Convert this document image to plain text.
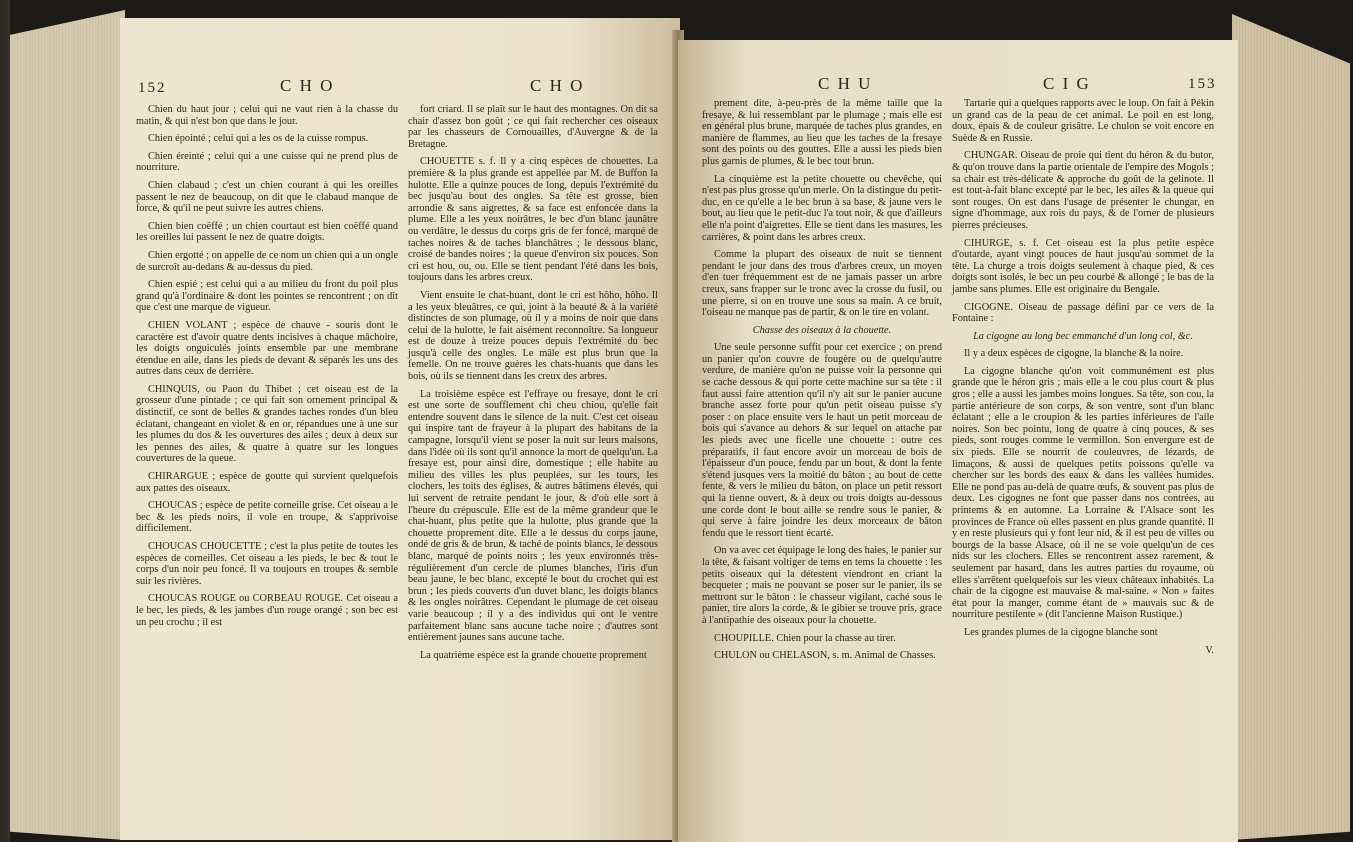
152	C H O	C H O

Chien du haut jour ; celui qui ne vaut rien à la chasse du matin, & qui n'est bon que dans le jour.

Chien épointé ; celui qui a les os de la cuisse rompus.

Chien éreinté ; celui qui a une cuisse qui ne prend plus de nourriture.

Chien clabaud ; c'est un chien courant à qui les oreilles passent le nez de beaucoup, on dit que le clabaud manque de force, & qu'il ne peut suivre les autres chiens.

Chien bien coëffé ; un chien courtaut est bien coëffé quand les oreilles lui passent le nez de quatre doigts.

Chien ergotté ; on appelle de ce nom un chien qui a un ongle de surcroît au-dedans & au-dessus du pied.

Chien espié ; est celui qui a au milieu du front du poil plus grand qu'à l'ordinaire & dont les pointes se rencontrent ; on dit que c'est une marque de vigueur.

CHIEN VOLANT ; espèce de chauve - souris dont le caractère est d'avoir quatre dents incisives à chaque mâchoire, les doigts onguiculés joints ensemble par une membrane étendue en aile, dans les pieds de devant & séparés les uns des autres dans ceux de derrière.

CHINQUIS, ou Paon du Thibet ; cet oiseau est de la grosseur d'une pintade ; ce qui fait son ornement principal & distinctif, ce sont de belles & grandes taches rondes d'un bleu éclatant, changeant en violet & en or, répandues une à une sur les plumes du dos & les ouvertures des ailes ; deux à deux sur les pennes des ailes, & quatre à quatre sur les longues couvertures de la queue.

CHIRARGUE ; espèce de goutte qui survient quelquefois aux pattes des oiseaux.

CHOUCAS ; espèce de petite corneille grise. Cet oiseau a le bec & les pieds noirs, il vole en troupe, & s'apprivoise difficilement.

CHOUCAS CHOUCETTE ; c'est la plus petite de toutes les espèces de corneilles. Cet oiseau a les pieds, le bec & tout le corps d'un noir peu foncé. Il va toujours en troupes & semble suir les rivières.

CHOUCAS ROUGE ou CORBEAU ROUGE. Cet oiseau a le bec, les pieds, & les jambes d'un rouge orangé ; son bec est un peu crochu ; il est

fort criard. Il se plaît sur le haut des montagnes. On dit sa chair d'assez bon goût ; ce qui fait rechercher ces oiseaux par les chasseurs de Cornouailles, d'Auvergne & de la Bretagne.

CHOUETTE s. f. Il y a cinq espèces de chouettes. La première & la plus grande est appellée par M. de Buffon la hulotte. Elle a quinze pouces de long, depuis l'extrémité du bec jusqu'au bout des ongles. Sa tête est grosse, bien arrondie & sans aigrettes, & sa face est enfoncée dans la plume. Elle a les yeux noirâtres, le bec d'un blanc jaunâtre ou verdâtre, le dessus du corps gris de fer foncé, marqué de taches noires & de taches blanchâtres ; le dessous blanc, croisé de bandes noires ; la queue d'environ six pouces. Son cri est hou, ou, ou. Elle se tient pendant l'été dans les bois, toujours dans les arbres creux.

Vient ensuite le chat-huant, dont le cri est hôho, hôho. Il a les yeux bleuâtres, ce qui, joint à la beauté & à la variété distinctes de son plumage, où il y a moins de noir que dans celui de la hulotte, le fait aisément reconnoître. Sa longueur est de douze à treize pouces depuis l'extrémité du bec jusqu'à celle des ongles. Le mâle est plus brun que la femelle. On ne trouve guères les chats-huants que dans les bois, où ils se tiennent dans les creux des arbres.

La troisième espèce est l'effraye ou fresaye, dont le cri est une sorte de soufflement chi cheu chiou, qu'elle fait entendre souvent dans le silence de la nuit. C'est cet oiseau qui inspire tant de frayeur à la plupart des habitans de la campagne, lorsqu'il vient se poser la nuit sur leurs maisons, dans l'idée où ils sont qu'il annonce la mort de quelqu'un. La fresaye est, pour ainsi dire, domestique ; elle habite au milieu des villes les plus peuplées, sur les tours, les clochers, les toits des églises, & autres bâtimens élevés, qui lui servent de retraite pendant le jour, & d'où elle sort à l'heure du crépuscule. Elle est de la même grandeur que le chat-huant, plus petite que la hulotte, plus grande que la chouette proprement dite. Elle a le dessus du corps jaune, ondé de gris & de brun, & taché de points blancs, le dessous blanc, marqué de points noirs ; les yeux environnés très-régulièrement d'un cercle de plumes blanches, l'iris d'un beau jaune, le bec blanc, excepté le bout du crochet qui est brun ; les pieds couverts d'un duvet blanc, les doigts blancs & les ongles noirâtres. Cependant le plumage de cet oiseau varie beaucoup ; il y a des individus qui ont le ventre parfaitement blanc sans aucune tache noire ; d'autres sont entièrement jaunes sans aucune tache.

La quatrième espèce est la grande chouette proprement

C H U	C I G	153

prement dite, à-peu-près de la même taille que la fresaye, & lui ressemblant par le plumage ; mais elle est en général plus brune, marquée de taches plus grandes, en manière de flammes, au lieu que les taches de la fresaye sont des points ou des gouttes. Elle a aussi les pieds bien plus garnis de plumes, & le bec tout brun.

La cinquième est la petite chouette ou chevêche, qui n'est pas plus grosse qu'un merle. On la distingue du petit-duc, en ce qu'elle a le bec brun à sa base, & jaune vers le bout, au lieu que le petit-duc l'a tout noir, & que d'ailleurs elle n'a point d'aigrettes. Elle se tient dans les masures, les carrières, & point dans les arbres creux.

Comme la plupart des oiseaux de nuit se tiennent pendant le jour dans des trous d'arbres creux, un moyen d'en tuer fréquemment est de ne jamais passer un arbre creux, sans frapper sur le tronc avec la crosse du fusil, ou une pierre, si on en trouve une sous sa main. A ce bruit, l'oiseau ne manque pas de partir, & on le tire en volant.

Chasse des oiseaux à la chouette.

Une seule personne suffit pour cet exercice ; on prend un panier qu'on couvre de fougère ou de quelqu'autre verdure, de manière qu'on ne puisse voir la personne qui se cache dessous & qui porte cette machine sur sa tête : il faut aussi faire attention qu'il n'y ait sur le panier aucune branche assez forte pour qu'un petit oiseau puisse s'y poser : on place ensuite vers le haut un petit morceau de bois qui s'avance au dehors & sur lequel on attache par les pieds avec une ficelle une chouette : outre ces préparatifs, il faut encore avoir un morceau de bois de l'épaisseur d'un pouce, fendu par un bout, & dont la fente s'étend jusques vers la moitié du bâton ; au bout de cette fente, & vers le milieu du bâton, on place un petit ressort qui la tienne ouvert, & à deux ou trois doigts au-dessous une corde dont le bout aille se rendre sous le panier, & qui serve à faire joindre les deux morceaux de bâton fendu que le ressort tient écarté.

On va avec cet équipage le long des haies, le panier sur la tête, & faisant voltiger de tems en tems la chouette : les petits oiseaux qui la détestent viendront en criant la becqueter ; mais ne pouvant se poser sur le panier, ils se mettront sur le bâton : le chasseur vigilant, caché sous le panier, tire alors la corde, & le gibier se trouve pris, grace à l'antipathie des oiseaux pour la chouette.

CHOUPILLE. Chien pour la chasse au tirer.

CHULON ou CHELASON, s. m. Animal de Chasses.

Tartarie qui a quelques rapports avec le loup. On fait à Pékin un grand cas de la peau de cet animal. Le poil en est long, doux, épais & de couleur grisâtre. Le chulon se voit encore en Suède & en Russie.

CHUNGAR. Oiseau de proie qui tient du héron & du butor, & qu'on trouve dans la partie orientale de l'empire des Mogols ; sa chair est très-délicate & approche du goût de la gelinote. Il est tout-à-fait blanc excepté par le bec, les ailes & la queue qui sont rouges. On est dans l'usage de présenter le chungar, en signe d'hommage, aux rois du pays, & de l'orner de plusieurs pierres précieuses.

CIHURGE, s. f. Cet oiseau est la plus petite espèce d'outarde, ayant vingt pouces de haut jusqu'au sommet de la tête. La churge a trois doigts seulement à chaque pied, & ces doigts sont isolés, le bec un peu courbé & allongé ; le bas de la jambe sans plumes. Elle est originaire du Bengale.

CIGOGNE. Oiseau de passage défini par ce vers de la Fontaine :

La cigogne au long bec emmanché d'un long col, &c.

Il y a deux espèces de cigogne, la blanche & la noire.

La cigogne blanche qu'on voit communément est plus grande que le héron gris ; mais elle a le cou plus court & plus gros ; elle a aussi les jambes moins longues. Sa tête, son cou, la partie antérieure de son corps, & son ventre, sont d'un blanc éclatant ; elle a le croupion & les parties inférieures de l'aile noires. Son bec pointu, long de quatre à cinq pouces, & ses pieds, sont rouges comme le vermillon. Son envergure est de six pieds. Elle se nourrit de couleuvres, de lézards, de limaçons, & aussi de quelques petits poissons qu'elle va chercher sur les bords des eaux & dans les vallées humides. Elle ne pond pas au-delà de quatre œufs, & souvent pas plus de deux. Les cigognes ne font que passer dans nos contrées, au printems & en automne. La Lorraine & l'Alsace sont les provinces de France où elles passent en plus grande quantité. Il y en reste plusieurs qui y font leur nid, & il est peu de villes ou bourgs de la basse Alsace, où il ne se voie quelqu'un de ces nids sur les clochers. Elles se rencontrent assez rarement, & seulement par hasard, dans les autres parties du royaume, où elles s'arrêtent quelquefois sur les vieux châteaux inhabités. La chair de la cigogne est mauvaise & mal-saine. « Non » faites état pour la manger, comme étant de » mauvais suc & de nourriture pestilente » (dit l'ancienne Maison Rustique.)

Les grandes plumes de la cigogne blanche sont

V.
